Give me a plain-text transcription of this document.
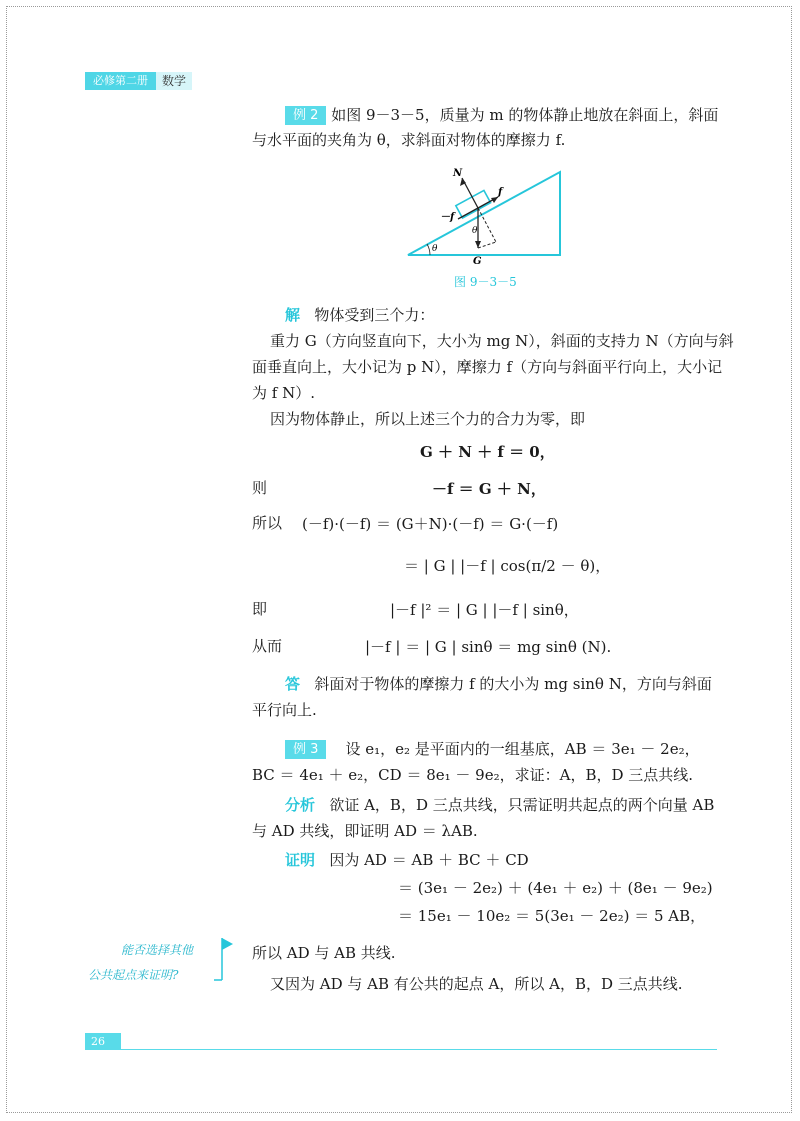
必修第二册	数学
例 2 如图 9－3－5，质量为 m 的物体静止地放在斜面上，斜面
与水平面的夹角为 θ，求斜面对物体的摩擦力 f.
N
f
－f
θ
θ
G
图 9－3－5
解 物体受到三个力：
重力 G（方向竖直向下，大小为 mg N），斜面的支持力 N（方向与斜
面垂直向上，大小记为 p N），摩擦力 f（方向与斜面平行向上，大小记
为 f N）.
因为物体静止，所以上述三个力的合力为零，即
G ＋ N ＋ f ＝ 0，
则	－f ＝ G ＋ N，
所以 (－f)·(－f) ＝ (G＋N)·(－f) ＝ G·(－f)
＝ | G | |－f | cos(π/2 － θ)，
即	|－f |² ＝ | G | |－f | sinθ，
从而	|－f | ＝ | G | sinθ ＝ mg sinθ (N).
答 斜面对于物体的摩擦力 f 的大小为 mg sinθ N，方向与斜面
平行向上.
例 3 设 e₁，e₂ 是平面内的一组基底，AB ＝ 3e₁ － 2e₂，
BC ＝ 4e₁ ＋ e₂，CD ＝ 8e₁ － 9e₂，求证：A，B，D 三点共线.
分析 欲证 A，B，D 三点共线，只需证明共起点的两个向量 AB
与 AD 共线，即证明 AD ＝ λAB.
证明 因为 AD ＝ AB ＋ BC ＋ CD
＝ (3e₁ － 2e₂) ＋ (4e₁ ＋ e₂) ＋ (8e₁ － 9e₂)
＝ 15e₁ － 10e₂ ＝ 5(3e₁ － 2e₂) ＝ 5 AB，
所以 AD 与 AB 共线.
又因为 AD 与 AB 有公共的起点 A，所以 A，B，D 三点共线.
能否选择其他
公共起点来证明?
26
